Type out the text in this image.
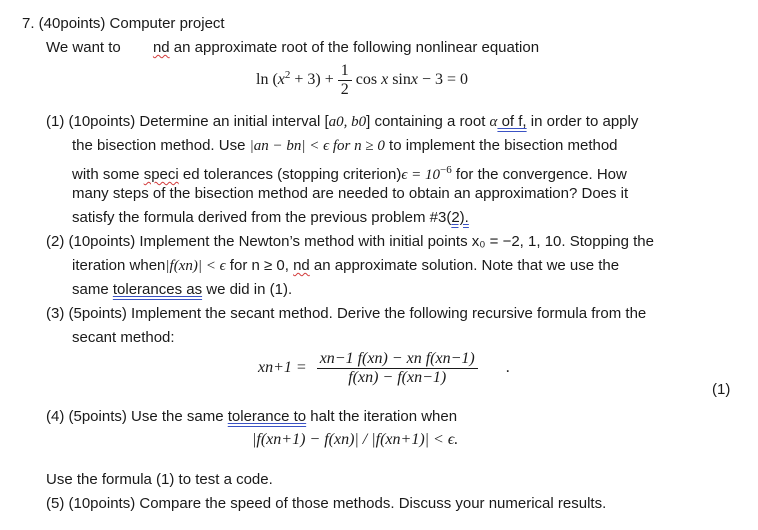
7. (40points) Computer project
We want to nd an approximate root of the following nonlinear equation
$\ln (x^2 + 3) + \frac{1}{2}$ cos x sinx − 3 = 0
(1) (10points) Determine an initial interval [a0, b0] containing a root α of f, in order to apply
the bisection method. Use |an − bn| < ϵ for n ≥ 0 to implement the bisection method
with some speci ed tolerances (stopping criterion)ϵ = $10^{-6}$ for the convergence. How
many steps of the bisection method are needed to obtain an approximation? Does it
satisfy the formula derived from the previous problem #3(2).
(2) (10points) Implement the Newton’s method with initial points x₀ = −2, 1, 10. Stopping the
iteration when|f(xn)| < ϵ for n ≥ 0, nd an approximate solution. Note that we use the
same tolerances as we did in (1).
(3) (5points) Implement the secant method. Derive the following recursive formula from the
secant method:
$xn+1 = \frac{\text{xn−1 f(xn) − xn f(xn−1)}}{f(xn) - f(xn-1)}$ .
(1)
(4) (5points) Use the same tolerance to halt the iteration when
|f(xn+1) − f(xn)| / |f(xn+1)| < ϵ.
Use the formula (1) to test a code.
(5) (10points) Compare the speed of those methods. Discuss your numerical results.
